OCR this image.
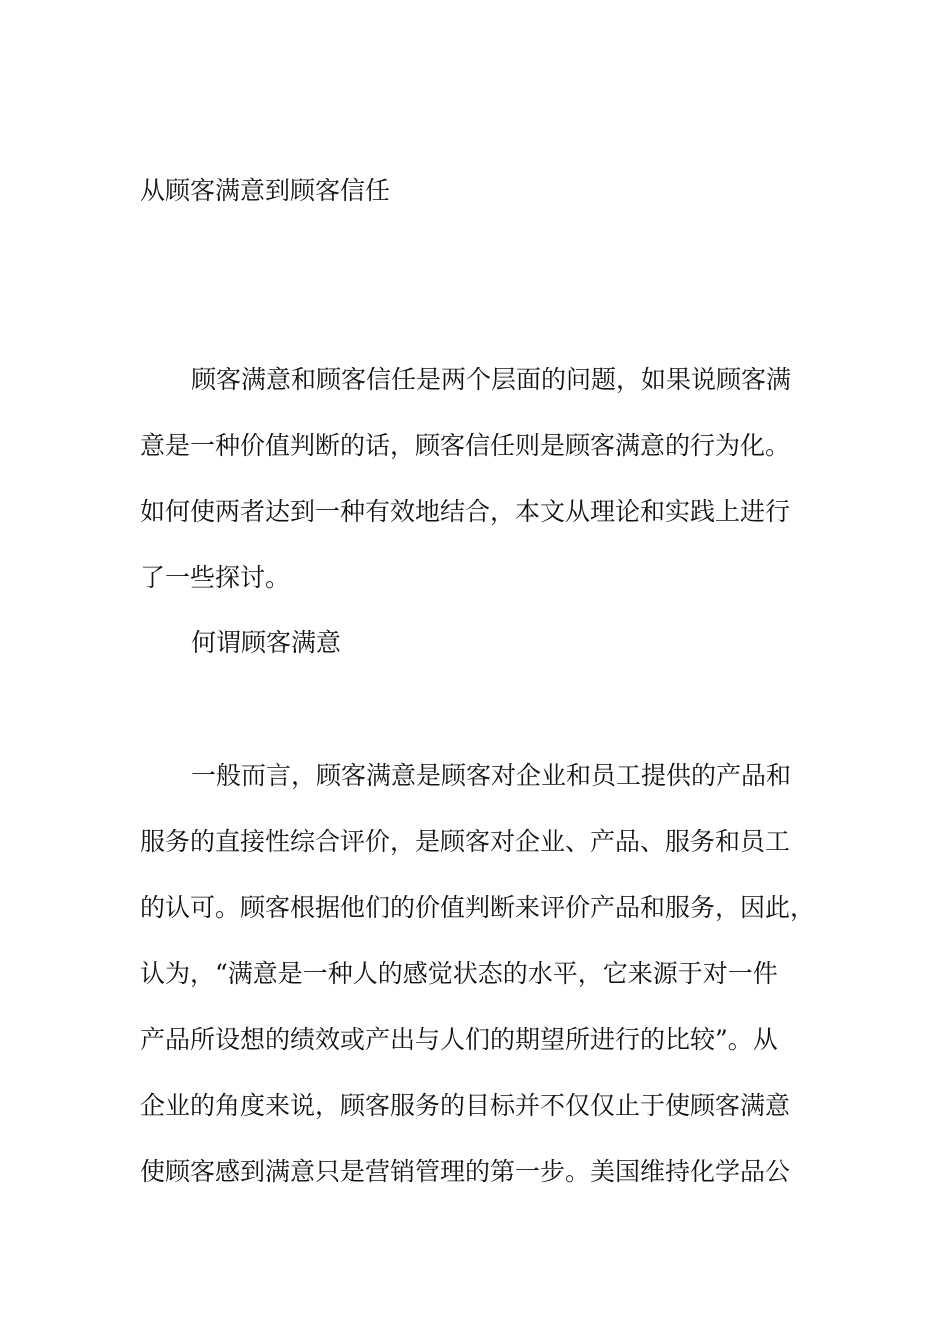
从顾客满意到顾客信任
顾客满意和顾客信任是两个层面的问题，如果说顾客满
意是一种价值判断的话，顾客信任则是顾客满意的行为化。
如何使两者达到一种有效地结合，本文从理论和实践上进行
了一些探讨。
何谓顾客满意
一般而言，顾客满意是顾客对企业和员工提供的产品和
服务的直接性综合评价，是顾客对企业、产品、服务和员工
的认可。顾客根据他们的价值判断来评价产品和服务，因此，
认为，“满意是一种人的感觉状态的水平，它来源于对一件
产品所设想的绩效或产出与人们的期望所进行的比较”。从
企业的角度来说，顾客服务的目标并不仅仅止于使顾客满意
使顾客感到满意只是营销管理的第一步。美国维持化学品公
